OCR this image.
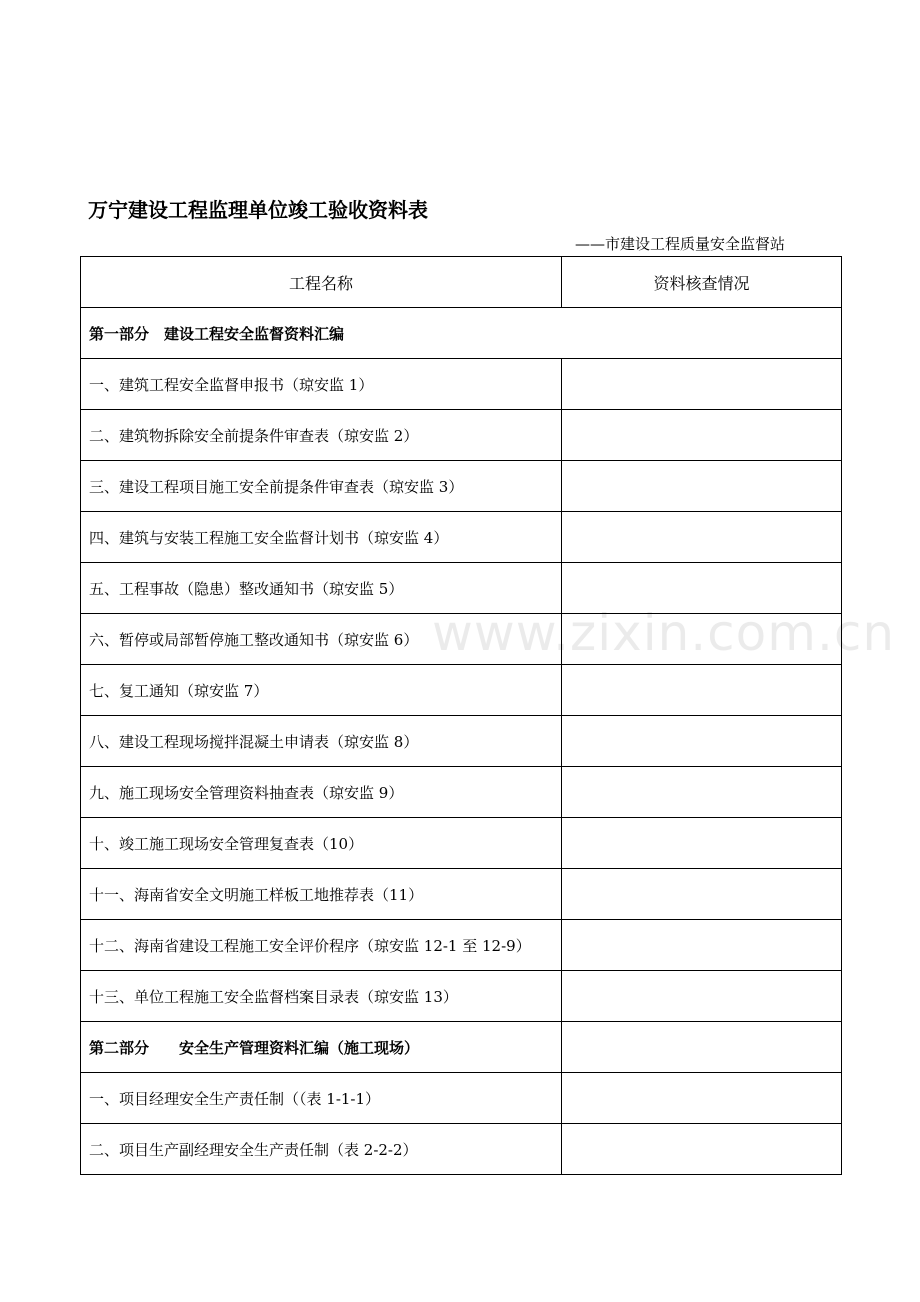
万宁建设工程监理单位竣工验收资料表
——市建设工程质量安全监督站
工程名称	资料核查情况
第一部分　建设工程安全监督资料汇编	
一、建筑工程安全监督申报书（琼安监 1）	
二、建筑物拆除安全前提条件审查表（琼安监 2）	
三、建设工程项目施工安全前提条件审查表（琼安监 3）	
四、建筑与安装工程施工安全监督计划书（琼安监 4）	
五、工程事故（隐患）整改通知书（琼安监 5）	
六、暂停或局部暂停施工整改通知书（琼安监 6）	
七、复工通知（琼安监 7）	
八、建设工程现场搅拌混凝土申请表（琼安监 8）	
九、施工现场安全管理资料抽查表（琼安监 9）	
十、竣工施工现场安全管理复查表（10）	
十一、海南省安全文明施工样板工地推荐表（11）	
十二、海南省建设工程施工安全评价程序（琼安监 12-1 至 12-9）	
十三、单位工程施工安全监督档案目录表（琼安监 13）	
第二部分　　安全生产管理资料汇编（施工现场）	
一、项目经理安全生产责任制（（表 1-1-1）	
二、项目生产副经理安全生产责任制（表 2-2-2）	
www.zixin.com.cn
